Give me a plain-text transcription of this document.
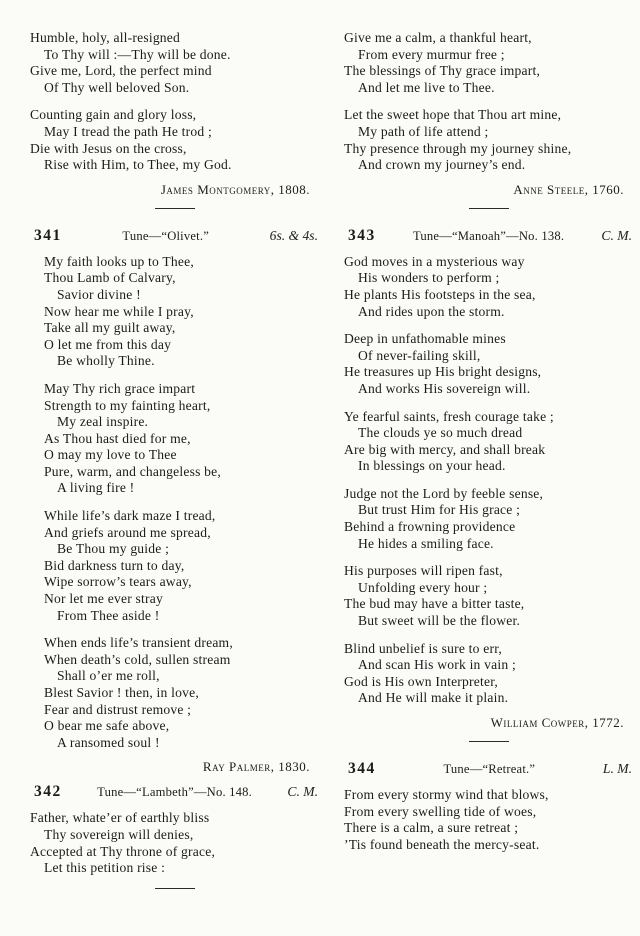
Humble, holy, all-resigned
To Thy will :—Thy will be done.
Give me, Lord, the perfect mind
Of Thy well beloved Son.
Counting gain and glory loss,
May I tread the path He trod ;
Die with Jesus on the cross,
Rise with Him, to Thee, my God.
James Montgomery, 1808.
341	Tune—“Olivet.”	6s. & 4s.
My faith looks up to Thee,
Thou Lamb of Calvary,
Savior divine !
Now hear me while I pray,
Take all my guilt away,
O let me from this day
Be wholly Thine.
May Thy rich grace impart
Strength to my fainting heart,
My zeal inspire.
As Thou hast died for me,
O may my love to Thee
Pure, warm, and changeless be,
A living fire !
While life’s dark maze I tread,
And griefs around me spread,
Be Thou my guide ;
Bid darkness turn to day,
Wipe sorrow’s tears away,
Nor let me ever stray
From Thee aside !
When ends life’s transient dream,
When death’s cold, sullen stream
Shall o’er me roll,
Blest Savior ! then, in love,
Fear and distrust remove ;
O bear me safe above,
A ransomed soul !
Ray Palmer, 1830.
342	Tune—“Lambeth”—No. 148.	C. M.
Father, whate’er of earthly bliss
Thy sovereign will denies,
Accepted at Thy throne of grace,
Let this petition rise :
Give me a calm, a thankful heart,
From every murmur free ;
The blessings of Thy grace impart,
And let me live to Thee.
Let the sweet hope that Thou art mine,
My path of life attend ;
Thy presence through my journey shine,
And crown my journey’s end.
Anne Steele, 1760.
343	Tune—“Manoah”—No. 138.	C. M.
God moves in a mysterious way
His wonders to perform ;
He plants His footsteps in the sea,
And rides upon the storm.
Deep in unfathomable mines
Of never-failing skill,
He treasures up His bright designs,
And works His sovereign will.
Ye fearful saints, fresh courage take ;
The clouds ye so much dread
Are big with mercy, and shall break
In blessings on your head.
Judge not the Lord by feeble sense,
But trust Him for His grace ;
Behind a frowning providence
He hides a smiling face.
His purposes will ripen fast,
Unfolding every hour ;
The bud may have a bitter taste,
But sweet will be the flower.
Blind unbelief is sure to err,
And scan His work in vain ;
God is His own Interpreter,
And He will make it plain.
William Cowper, 1772.
344	Tune—“Retreat.”	L. M.
From every stormy wind that blows,
From every swelling tide of woes,
There is a calm, a sure retreat ;
’Tis found beneath the mercy-seat.
